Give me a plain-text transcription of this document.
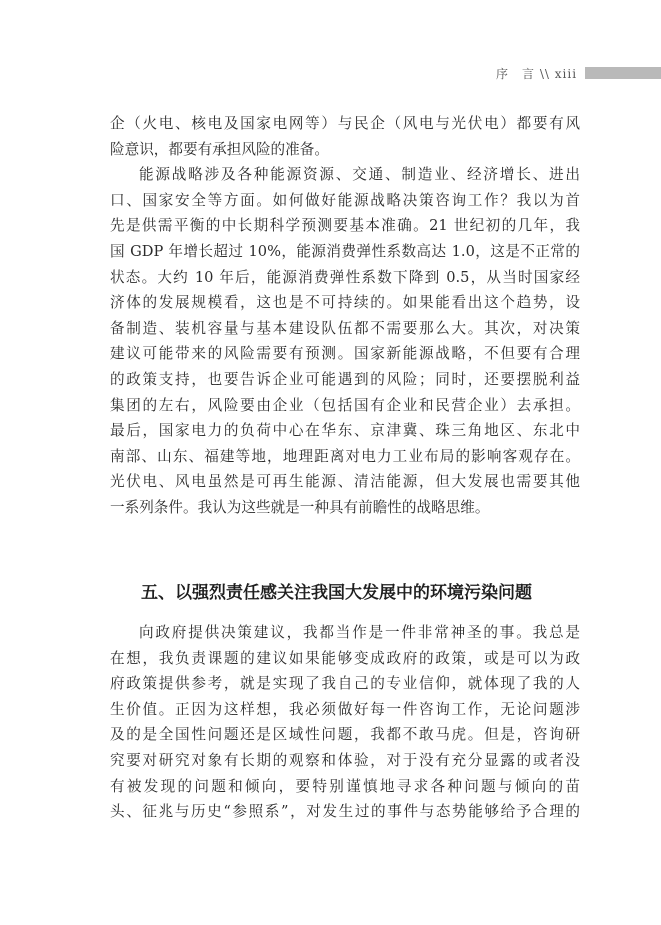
序　言 \\ xiii
企（火电、核电及国家电网等）与民企（风电与光伏电）都要有风
险意识，都要有承担风险的准备。
能源战略涉及各种能源资源、交通、制造业、经济增长、进出
口、国家安全等方面。如何做好能源战略决策咨询工作？我以为首
先是供需平衡的中长期科学预测要基本准确。21 世纪初的几年，我
国 GDP 年增长超过 10%，能源消费弹性系数高达 1.0，这是不正常的
状态。大约 10 年后，能源消费弹性系数下降到 0.5，从当时国家经
济体的发展规模看，这也是不可持续的。如果能看出这个趋势，设
备制造、装机容量与基本建设队伍都不需要那么大。其次，对决策
建议可能带来的风险需要有预测。国家新能源战略，不但要有合理
的政策支持，也要告诉企业可能遇到的风险；同时，还要摆脱利益
集团的左右，风险要由企业（包括国有企业和民营企业）去承担。
最后，国家电力的负荷中心在华东、京津冀、珠三角地区、东北中
南部、山东、福建等地，地理距离对电力工业布局的影响客观存在。
光伏电、风电虽然是可再生能源、清洁能源，但大发展也需要其他
一系列条件。我认为这些就是一种具有前瞻性的战略思维。
五、以强烈责任感关注我国大发展中的环境污染问题
向政府提供决策建议，我都当作是一件非常神圣的事。我总是
在想，我负责课题的建议如果能够变成政府的政策，或是可以为政
府政策提供参考，就是实现了我自己的专业信仰，就体现了我的人
生价值。正因为这样想，我必须做好每一件咨询工作，无论问题涉
及的是全国性问题还是区域性问题，我都不敢马虎。但是，咨询研
究要对研究对象有长期的观察和体验，对于没有充分显露的或者没
有被发现的问题和倾向，要特别谨慎地寻求各种问题与倾向的苗
头、征兆与历史“参照系”，对发生过的事件与态势能够给予合理的
